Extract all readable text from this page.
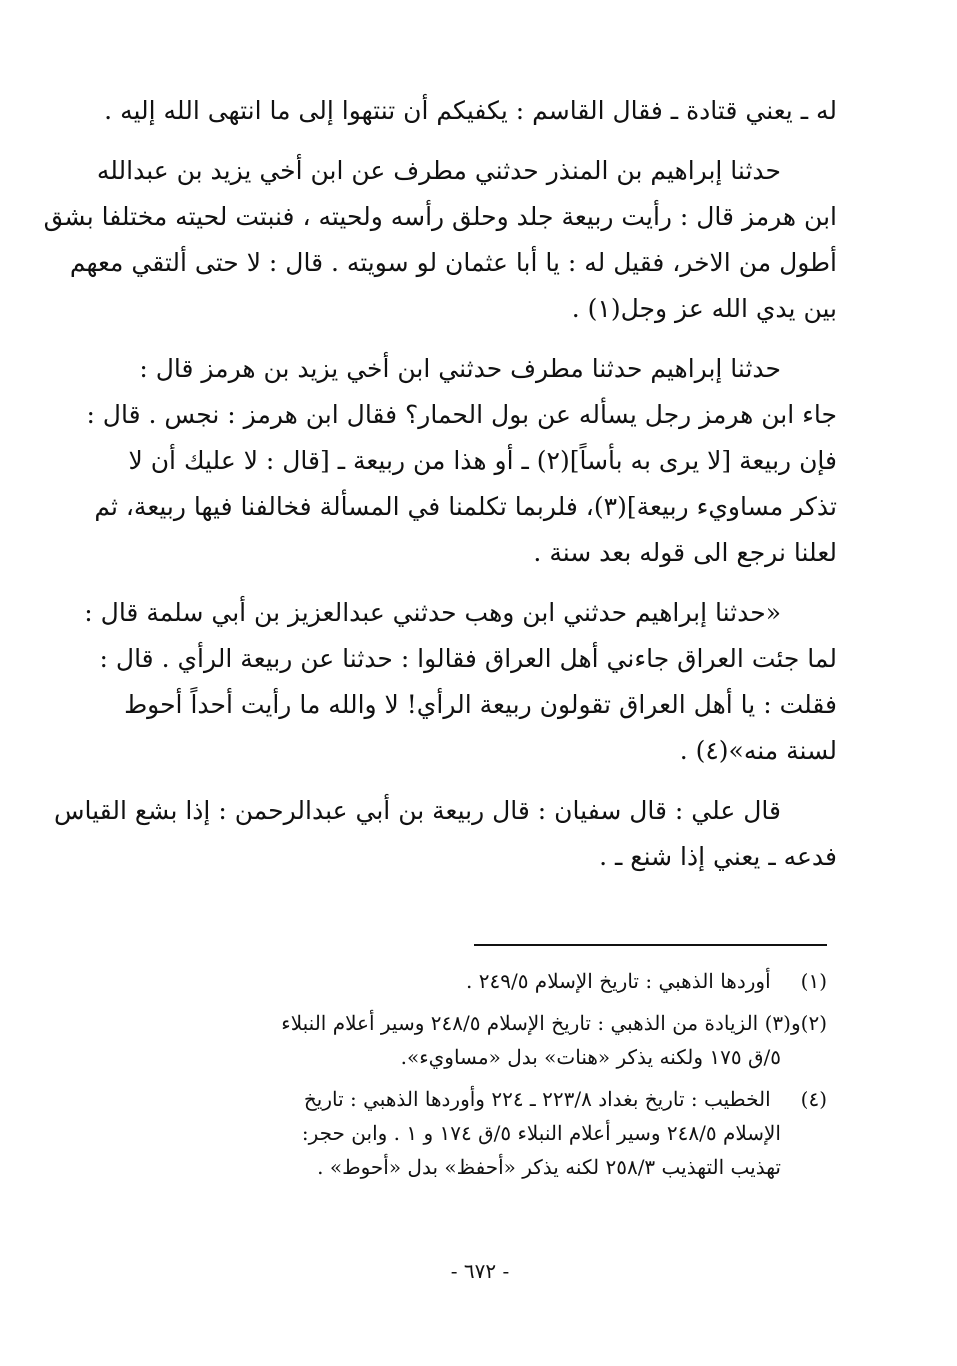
له ـ يعني قتادة ـ فقال القاسم : يكفيكم أن تنتهوا إلى ما انتهى الله إليه .
حدثنا إبراهيم بن المنذر حدثني مطرف عن ابن أخي يزيد بن عبدالله
ابن هرمز قال : رأيت ربيعة جلد وحلق رأسه ولحيته ، فنبتت لحيته مختلفا بشق
أطول من الاخر، فقيل له : يا أبا عثمان لو سويته . قال : لا حتى ألتقي معهم
بين يدي الله عز وجل(١) .
حدثنا إبراهيم حدثنا مطرف حدثني ابن أخي يزيد بن هرمز قال :
جاء ابن هرمز رجل يسأله عن بول الحمار؟ فقال ابن هرمز : نجس . قال :
فإن ربيعة [لا يرى به بأساً](٢) ـ أو هذا من ربيعة ـ [قال : لا عليك أن لا
تذكر مساويء ربيعة](٣)، فلربما تكلمنا في المسألة فخالفنا فيها ربيعة، ثم
لعلنا نرجع الى قوله بعد سنة .
«حدثنا إبراهيم حدثني ابن وهب حدثني عبدالعزيز بن أبي سلمة قال :
لما جئت العراق جاءني أهل العراق فقالوا : حدثنا عن ربيعة الرأي . قال :
فقلت : يا أهل العراق تقولون ربيعة الرأي! لا والله ما رأيت أحداً أحوط
لسنة منه»(٤) .
قال علي : قال سفيان : قال ربيعة بن أبي عبدالرحمن : إذا بشع القياس
فدعه ـ يعني إذا شنع ـ .
(١) أوردها الذهبي : تاريخ الإسلام ٢٤٩/٥ .
(٢)و(٣) الزيادة من الذهبي : تاريخ الإسلام ٢٤٨/٥ وسير أعلام النبلاء
٥/ق ١٧٥ ولكنه يذكر «هنات» بدل «مساويء».
(٤) الخطيب : تاريخ بغداد ٢٢٣/٨ ـ ٢٢٤ وأوردها الذهبي : تاريخ
الإسلام ٢٤٨/٥ وسير أعلام النبلاء ٥/ق ١٧٤ و ١ . وابن حجر:
تهذيب التهذيب ٢٥٨/٣ لكنه يذكر «أحفظ» بدل «أحوط» .
- ٦٧٢ -
